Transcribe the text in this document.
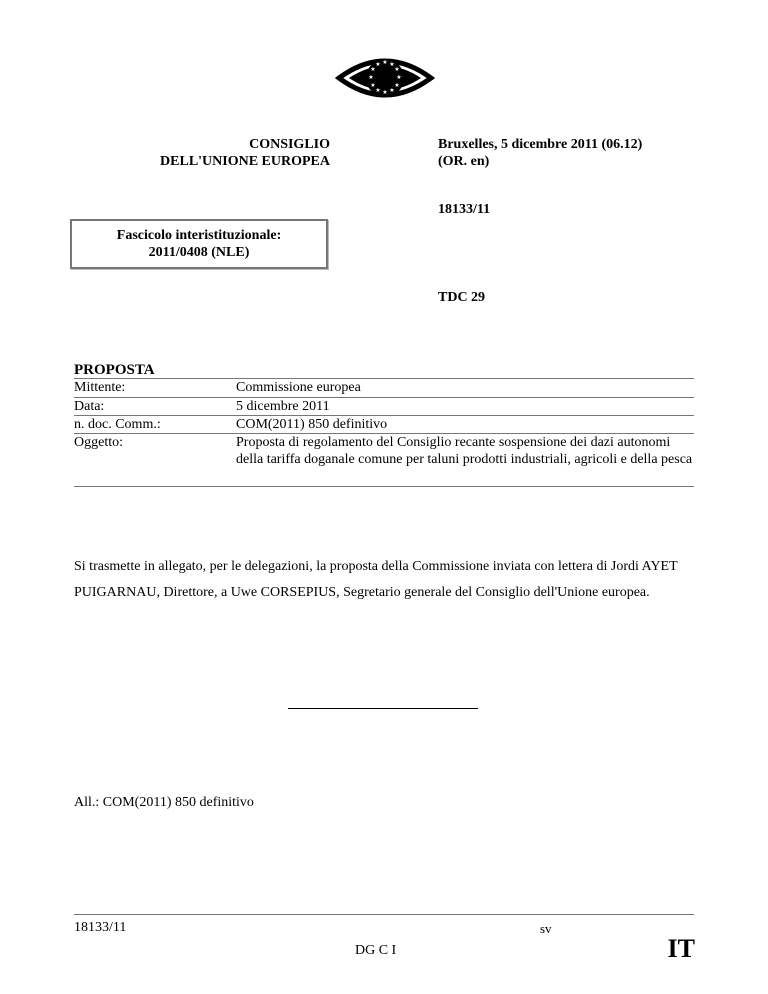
★ ★
★
★
★
★
★
★
★
★
★
★
CONSIGLIO
DELL'UNIONE EUROPEA
Bruxelles, 5 dicembre 2011 (06.12)
(OR. en)
18133/11
Fascicolo interistituzionale:
2011/0408 (NLE)
TDC 29
PROPOSTA
Mittente:	Commissione europea
Data:	5 dicembre 2011
n. doc. Comm.:	COM(2011) 850 definitivo
Oggetto:	Proposta di regolamento del Consiglio recante sospensione dei dazi autonomi della tariffa doganale comune per taluni prodotti industriali, agricoli e della pesca
Si trasmette in allegato, per le delegazioni, la proposta della Commissione inviata con lettera di Jordi AYET PUIGARNAU, Direttore, a Uwe CORSEPIUS, Segretario generale del Consiglio dell'Unione europea.
All.: COM(2011) 850 definitivo
18133/11	sv
DG C I	IT
